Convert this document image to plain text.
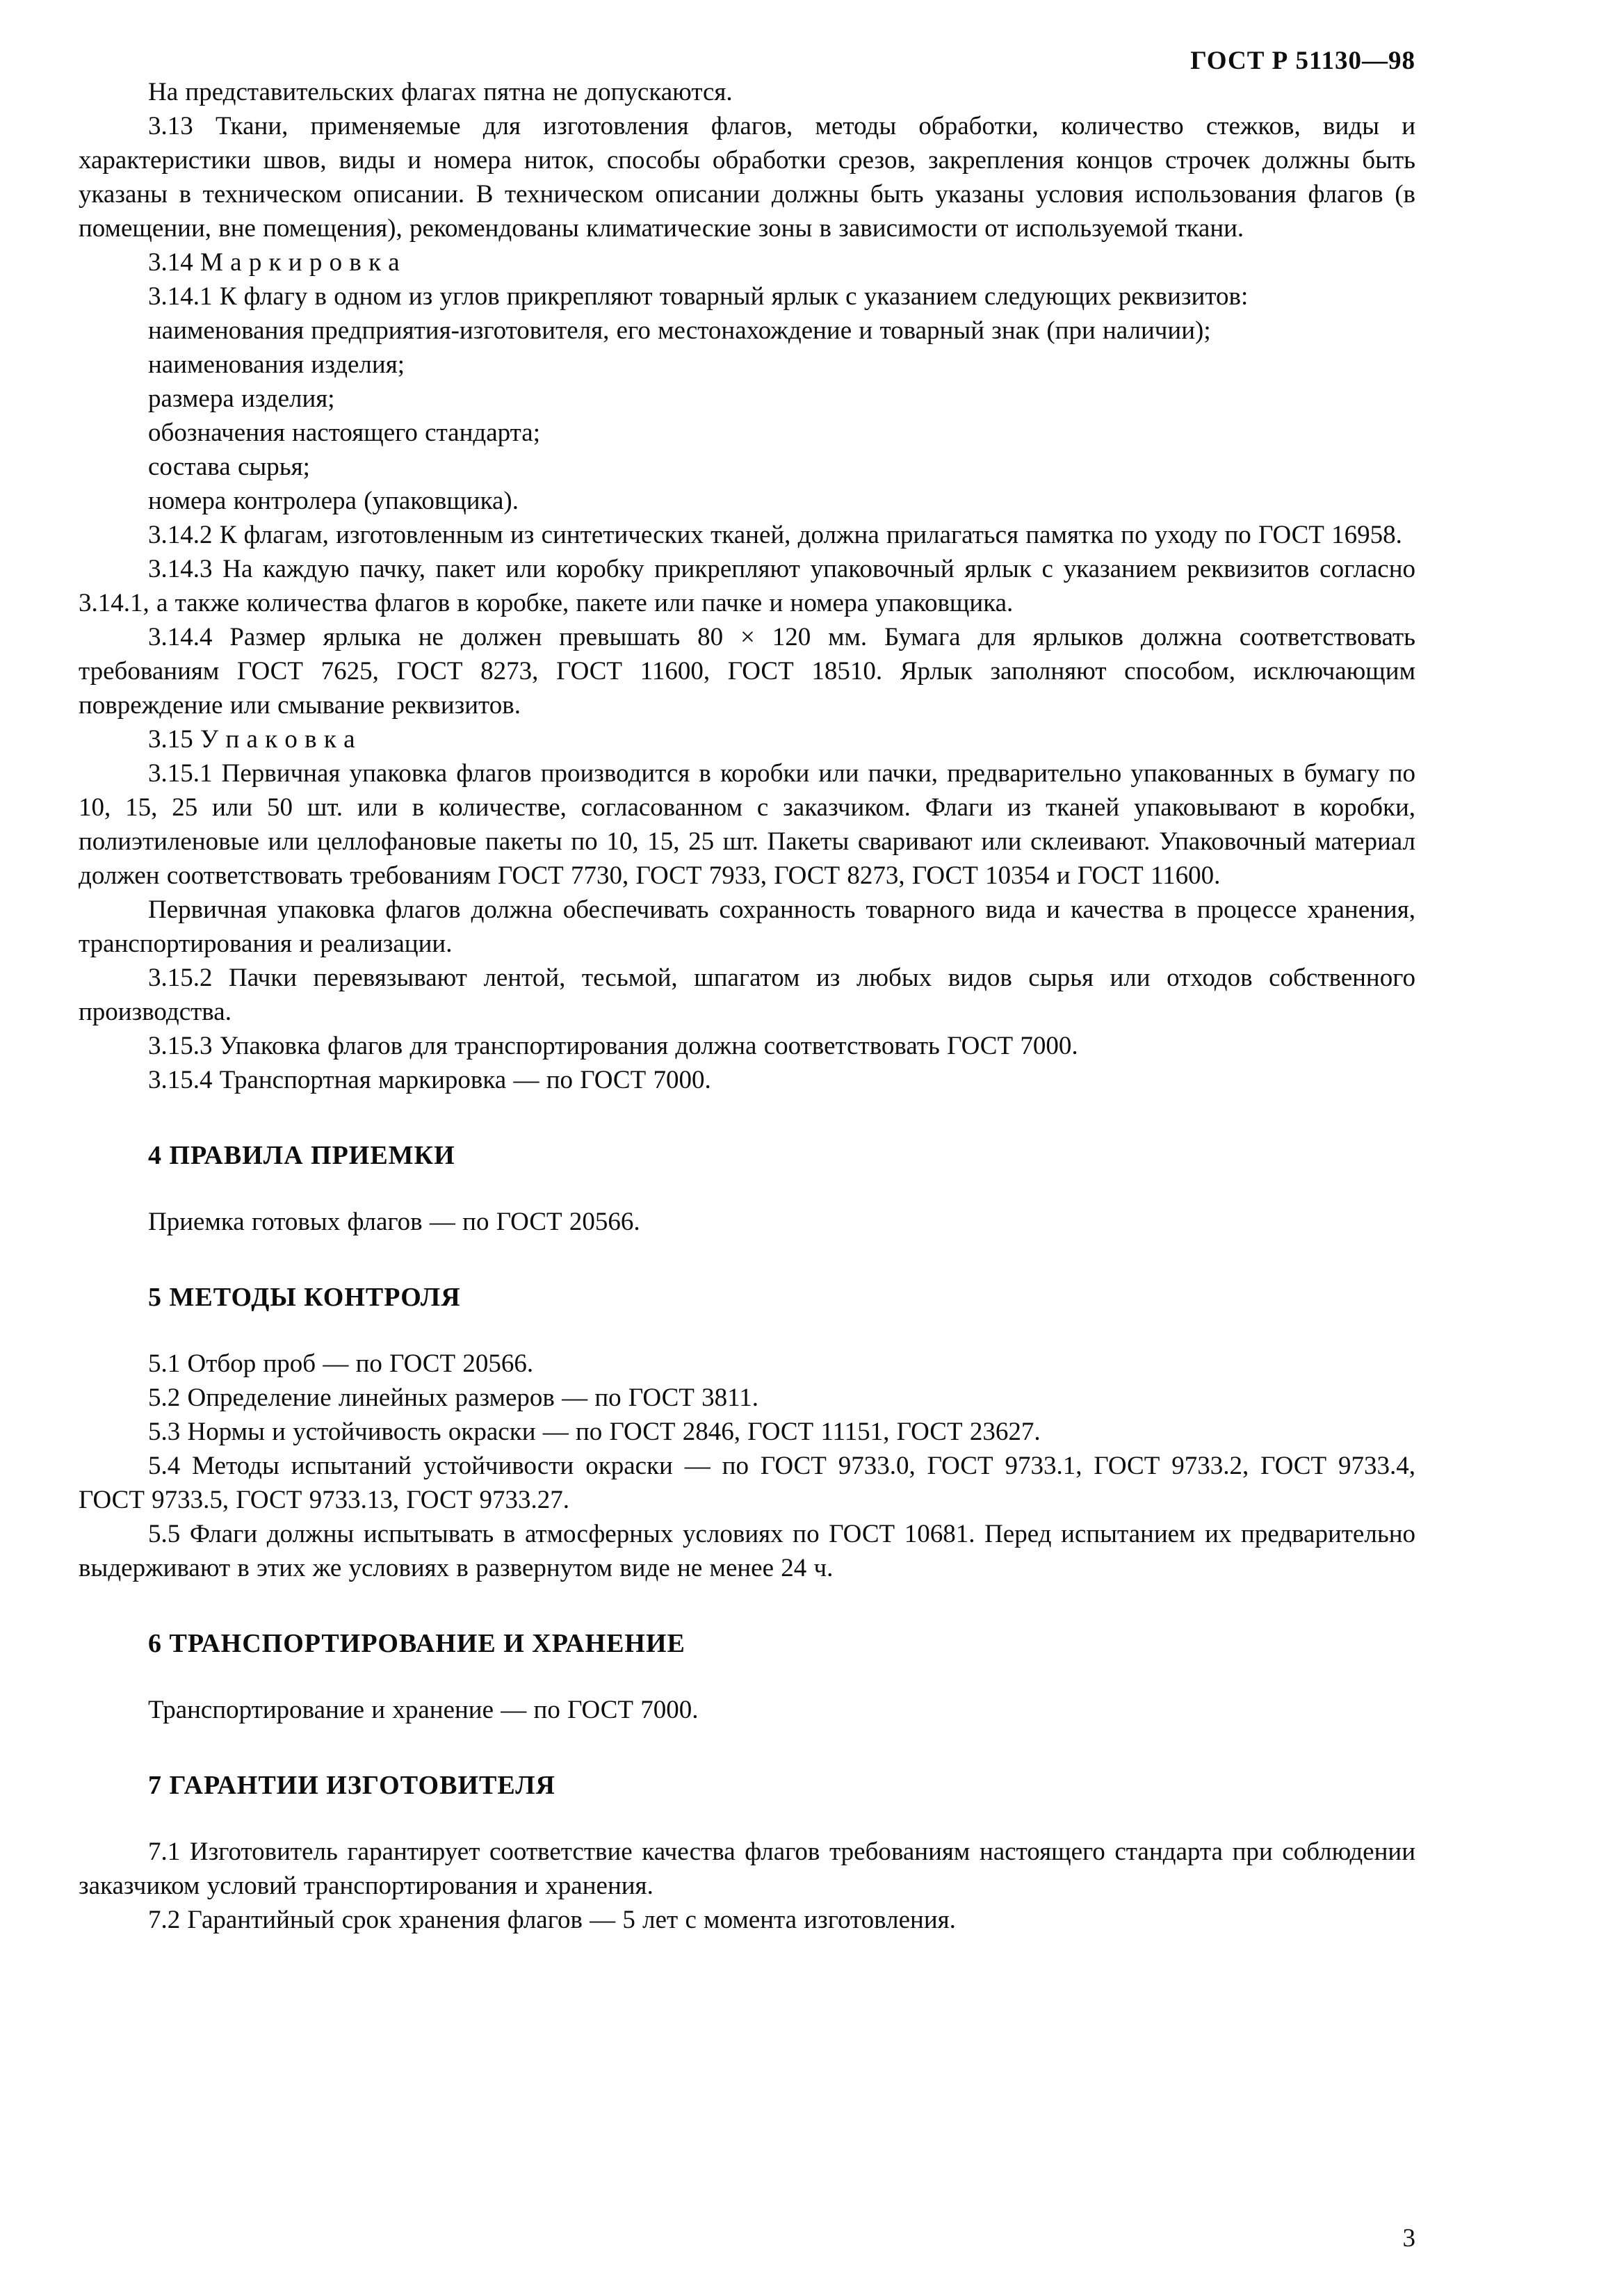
ГОСТ Р 51130—98

На представительских флагах пятна не допускаются.

3.13 Ткани, применяемые для изготовления флагов, методы обработки, количество стежков, виды и характеристики швов, виды и номера ниток, способы обработки срезов, закрепления концов строчек должны быть указаны в техническом описании. В техническом описании должны быть указаны условия использования флагов (в помещении, вне помещения), рекомендованы климатические зоны в зависимости от используемой ткани.

3.14 М а р к и р о в к а

3.14.1 К флагу в одном из углов прикрепляют товарный ярлык с указанием следующих реквизитов:

наименования предприятия-изготовителя, его местонахождение и товарный знак (при наличии);

наименования изделия;

размера изделия;

обозначения настоящего стандарта;

состава сырья;

номера контролера (упаковщика).

3.14.2 К флагам, изготовленным из синтетических тканей, должна прилагаться памятка по уходу по ГОСТ 16958.

3.14.3 На каждую пачку, пакет или коробку прикрепляют упаковочный ярлык с указанием реквизитов согласно 3.14.1, а также количества флагов в коробке, пакете или пачке и номера упаковщика.

3.14.4 Размер ярлыка не должен превышать 80 × 120 мм. Бумага для ярлыков должна соответствовать требованиям ГОСТ 7625, ГОСТ 8273, ГОСТ 11600, ГОСТ 18510. Ярлык заполняют способом, исключающим повреждение или смывание реквизитов.

3.15 У п а к о в к а

3.15.1 Первичная упаковка флагов производится в коробки или пачки, предварительно упакованных в бумагу по 10, 15, 25 или 50 шт. или в количестве, согласованном с заказчиком. Флаги из тканей упаковывают в коробки, полиэтиленовые или целлофановые пакеты по 10, 15, 25 шт. Пакеты сваривают или склеивают. Упаковочный материал должен соответствовать требованиям ГОСТ 7730, ГОСТ 7933, ГОСТ 8273, ГОСТ 10354 и ГОСТ 11600.

Первичная упаковка флагов должна обеспечивать сохранность товарного вида и качества в процессе хранения, транспортирования и реализации.

3.15.2 Пачки перевязывают лентой, тесьмой, шпагатом из любых видов сырья или отходов собственного производства.

3.15.3 Упаковка флагов для транспортирования должна соответствовать ГОСТ 7000.

3.15.4 Транспортная маркировка — по ГОСТ 7000.

4 ПРАВИЛА ПРИЕМКИ

Приемка готовых флагов — по ГОСТ 20566.

5 МЕТОДЫ КОНТРОЛЯ

5.1 Отбор проб — по ГОСТ 20566.

5.2 Определение линейных размеров — по ГОСТ 3811.

5.3 Нормы и устойчивость окраски — по ГОСТ 2846, ГОСТ 11151, ГОСТ 23627.

5.4 Методы испытаний устойчивости окраски — по ГОСТ 9733.0, ГОСТ 9733.1, ГОСТ 9733.2, ГОСТ 9733.4, ГОСТ 9733.5, ГОСТ 9733.13, ГОСТ 9733.27.

5.5 Флаги должны испытывать в атмосферных условиях по ГОСТ 10681. Перед испытанием их предварительно выдерживают в этих же условиях в развернутом виде не менее 24 ч.

6 ТРАНСПОРТИРОВАНИЕ И ХРАНЕНИЕ

Транспортирование и хранение — по ГОСТ 7000.

7 ГАРАНТИИ ИЗГОТОВИТЕЛЯ

7.1 Изготовитель гарантирует соответствие качества флагов требованиям настоящего стандарта при соблюдении заказчиком условий транспортирования и хранения.

7.2 Гарантийный срок хранения флагов — 5 лет с момента изготовления.

3
